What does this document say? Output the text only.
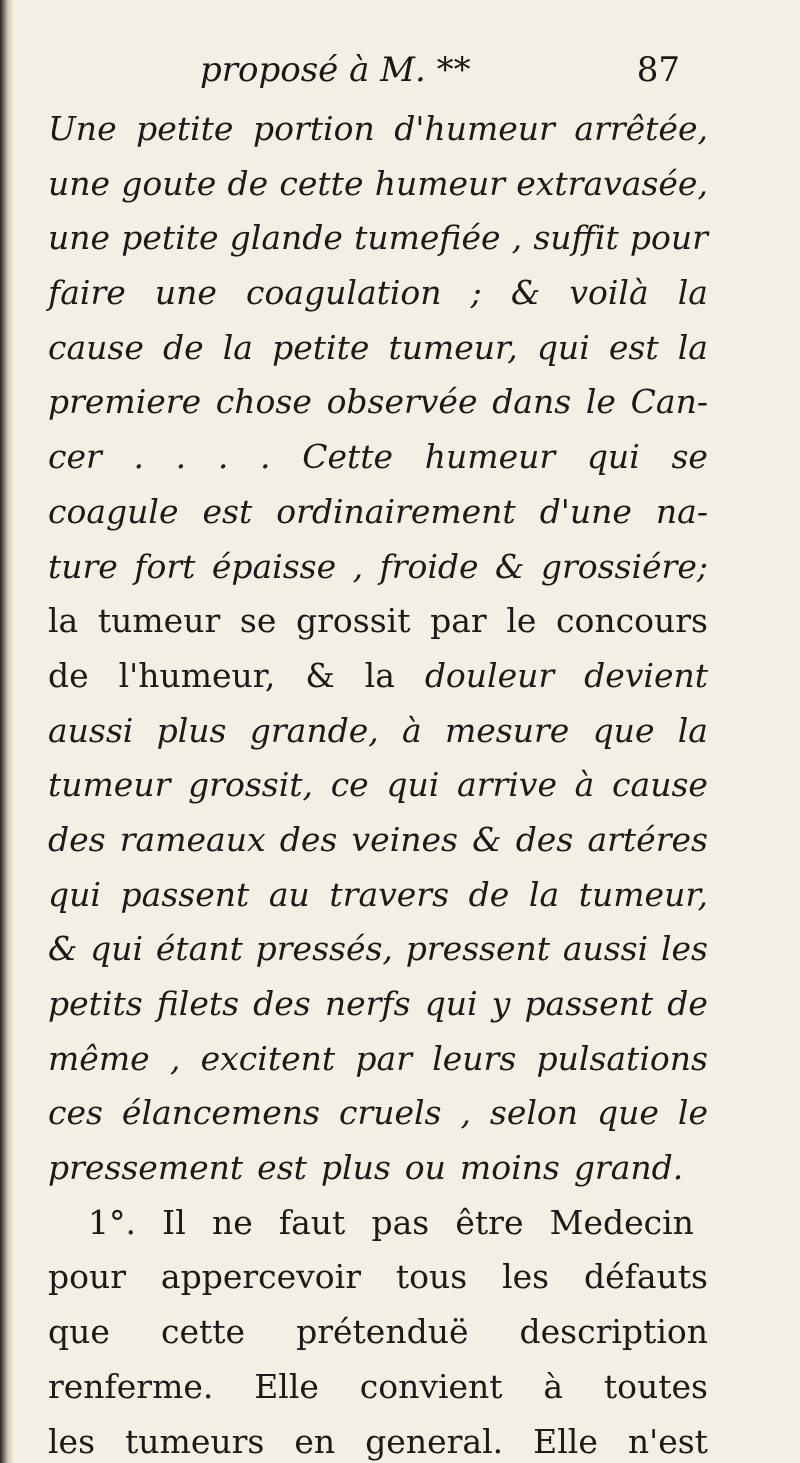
proposé à M. **	87
Une petite portion d'humeur arrêtée,
une goute de cette humeur extravasée,
une petite glande tumefiée , suffit pour
faire une coagulation ; & voilà la
cause de la petite tumeur, qui est la
premiere chose observée dans le Can-
cer . . . . Cette humeur qui se
coagule est ordinairement d'une na-
ture fort épaisse , froide & grossiére;
la tumeur se grossit par le concours
de l'humeur, & la douleur devient
aussi plus grande, à mesure que la
tumeur grossit, ce qui arrive à cause
des rameaux des veines & des artéres
qui passent au travers de la tumeur,
& qui étant pressés, pressent aussi les
petits filets des nerfs qui y passent de
même , excitent par leurs pulsations
ces élancemens cruels , selon que le
pressement est plus ou moins grand.
1°. Il ne faut pas être Medecin
pour appercevoir tous les défauts
que cette prétenduë description
renferme. Elle convient à toutes
les tumeurs en general. Elle n'est
